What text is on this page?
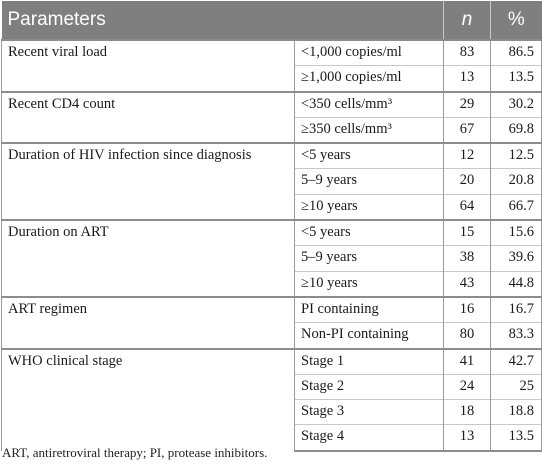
Parameters		n	%
Recent viral load	<1,000 copies/ml	83	86.5
	≥1,000 copies/ml	13	13.5
Recent CD4 count	<350 cells/mm³	29	30.2
	≥350 cells/mm³	67	69.8
Duration of HIV infection since diagnosis	<5 years	12	12.5
	5–9 years	20	20.8
	≥10 years	64	66.7
Duration on ART	<5 years	15	15.6
	5–9 years	38	39.6
	≥10 years	43	44.8
ART regimen	PI containing	16	16.7
	Non-PI containing	80	83.3
WHO clinical stage	Stage 1	41	42.7
	Stage 2	24	25
	Stage 3	18	18.8
	Stage 4	13	13.5
ART, antiretroviral therapy; PI, protease inhibitors.
